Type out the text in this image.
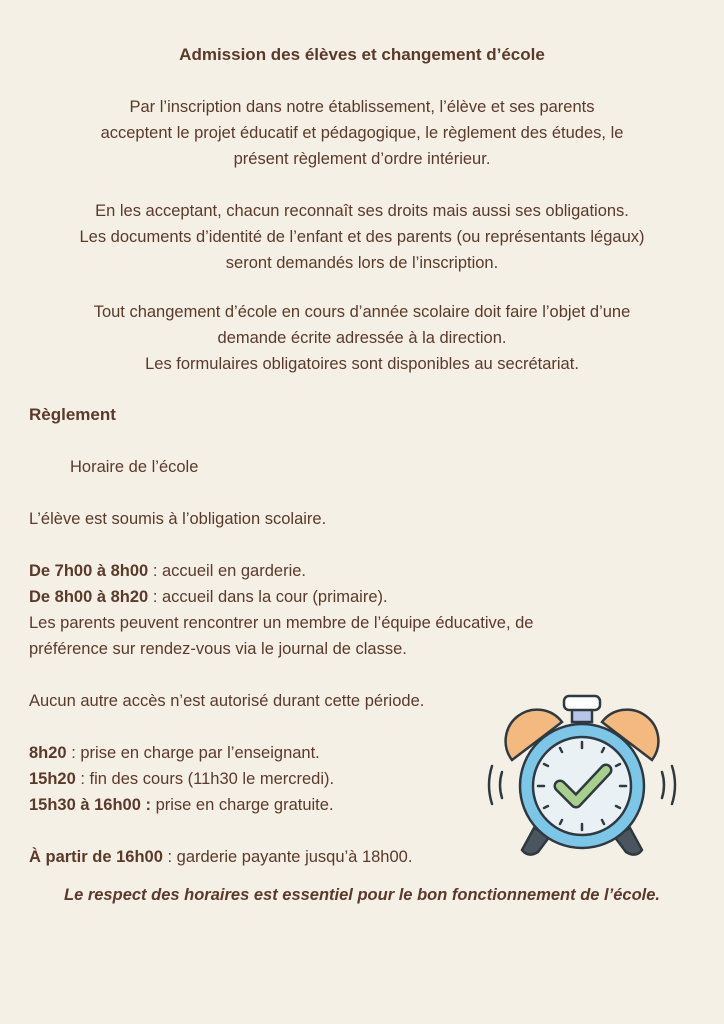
Admission des élèves et changement d’école
Par l’inscription dans notre établissement, l’élève et ses parents
acceptent le projet éducatif et pédagogique, le règlement des études, le
présent règlement d’ordre intérieur.
En les acceptant, chacun reconnaît ses droits mais aussi ses obligations.
Les documents d’identité de l’enfant et des parents (ou représentants légaux)
seront demandés lors de l’inscription.
Tout changement d’école en cours d’année scolaire doit faire l’objet d’une
demande écrite adressée à la direction.
Les formulaires obligatoires sont disponibles au secrétariat.
Règlement
Horaire de l’école
L’élève est soumis à l’obligation scolaire.
De 7h00 à 8h00 : accueil en garderie.
De 8h00 à 8h20 : accueil dans la cour (primaire).
Les parents peuvent rencontrer un membre de l’équipe éducative, de
préférence sur rendez-vous via le journal de classe.
Aucun autre accès n’est autorisé durant cette période.
8h20 : prise en charge par l’enseignant.
15h20 : fin des cours (11h30 le mercredi).
15h30 à 16h00 : prise en charge gratuite.
À partir de 16h00 : garderie payante jusqu’à 18h00.
Le respect des horaires est essentiel pour le bon fonctionnement de l’école.
